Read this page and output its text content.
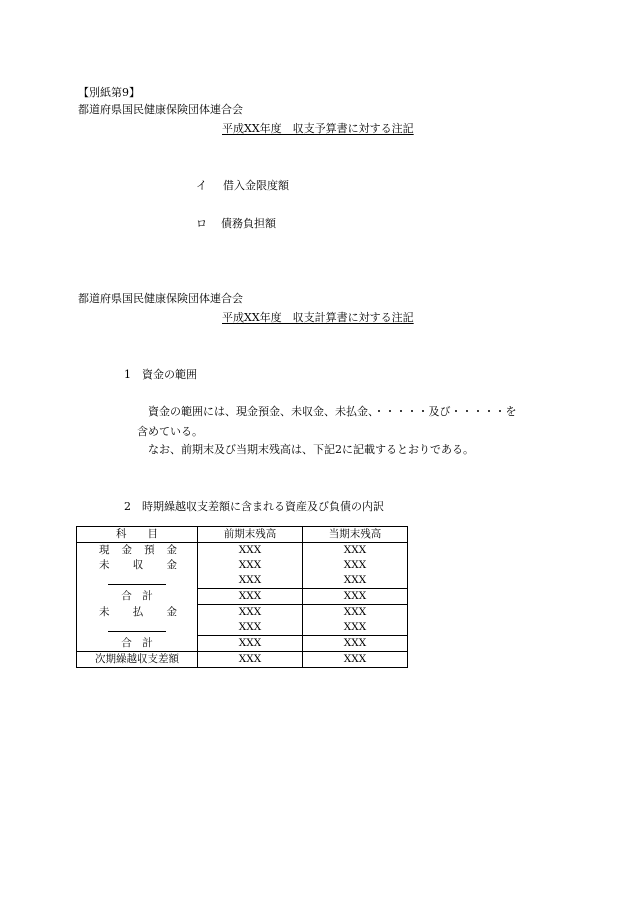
【別紙第9】
都道府県国民健康保険団体連合会
平成XX年度　収支予算書に対する注記
イ 借入金限度額
ロ 債務負担額
都道府県国民健康保険団体連合会
平成XX年度　収支計算書に対する注記
1　資金の範囲
資金の範囲には、現金預金、未収金、未払金、・・・・・及び・・・・・を
含めている。
なお、前期末及び当期末残高は、下記2に記載するとおりである。
2　時期繰越収支差額に含まれる資産及び負債の内訳
科　　目	前期末残高	当期末残高

現 金 預 金	XXX	XXX

未 収 金	XXX	XXX

	XXX	XXX
合　計	XXX	XXX

未 払 金	XXX	XXX

	XXX	XXX
合　計	XXX	XXX
次期繰越収支差額	XXX	XXX
